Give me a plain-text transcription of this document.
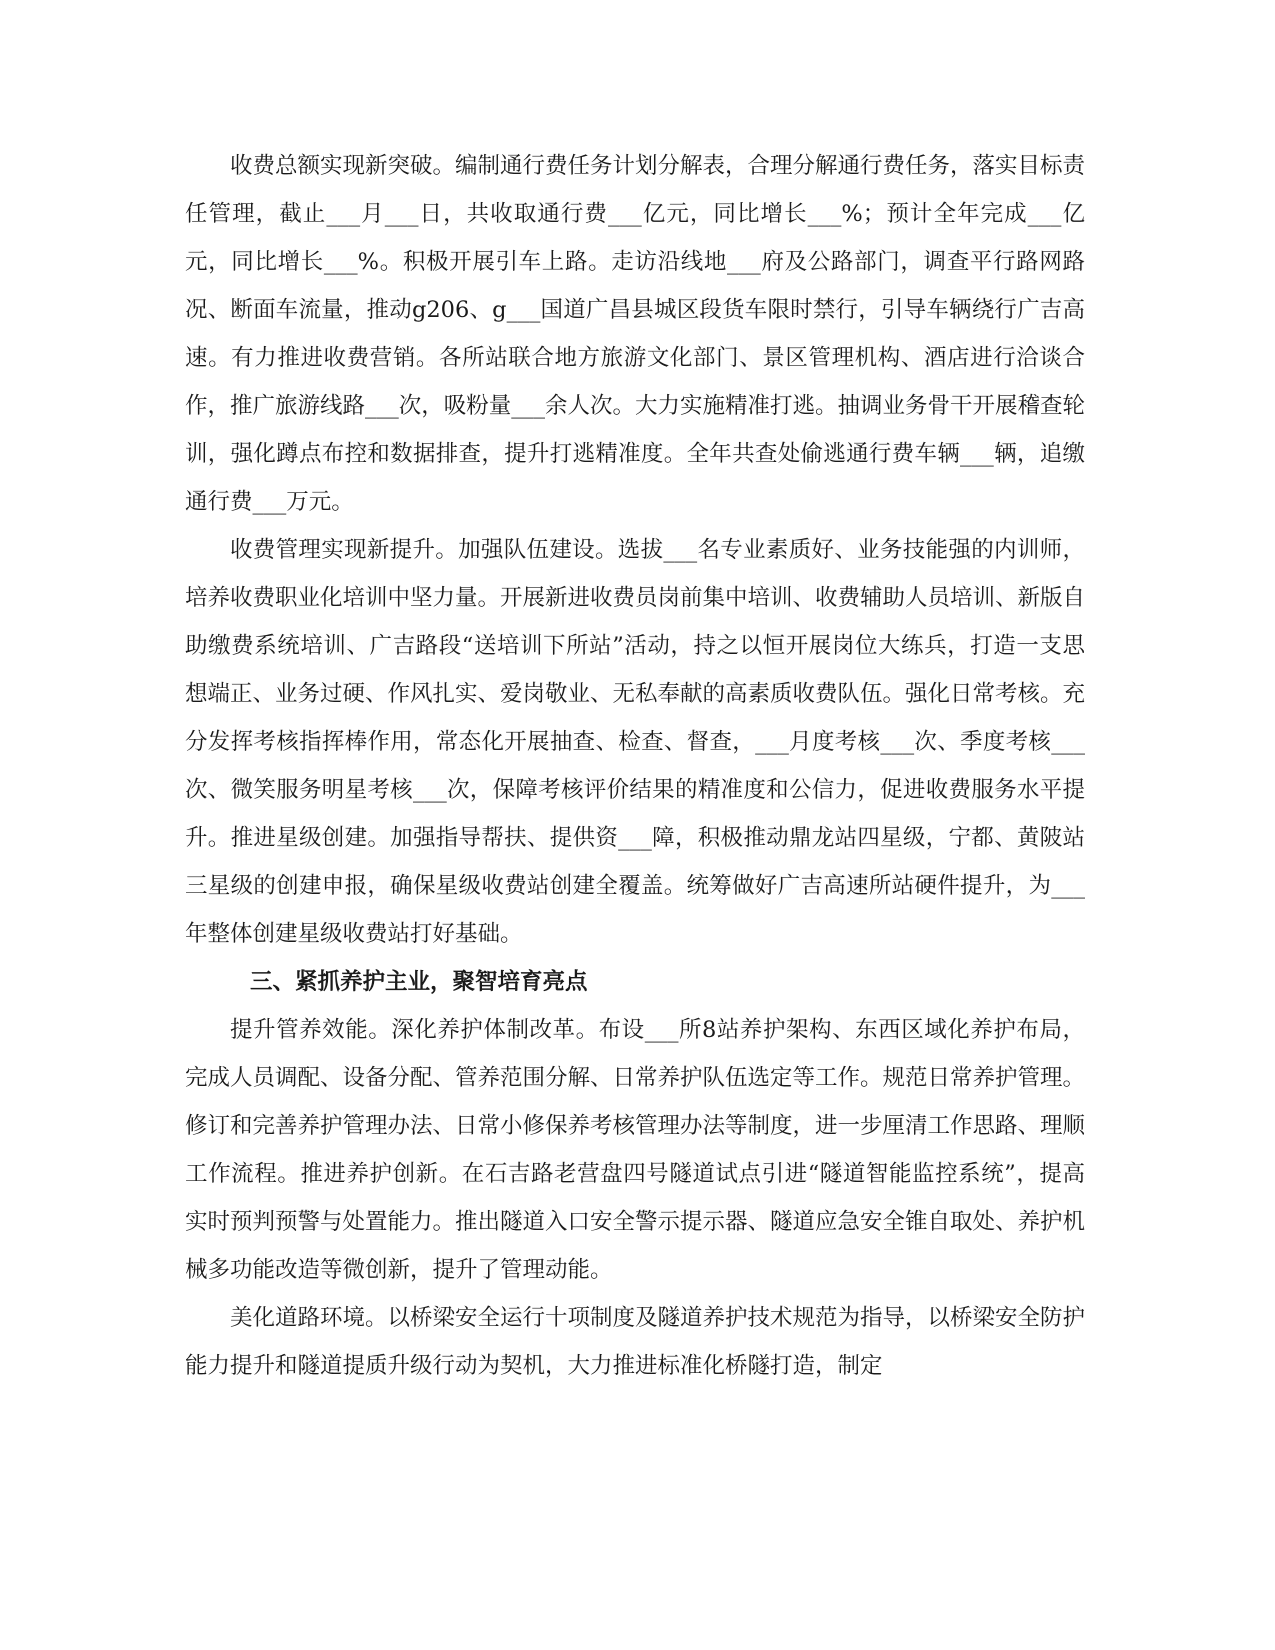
收费总额实现新突破。编制通行费任务计划分解表，合理分解通行费任务，落实目标责任管理，截止___月___日，共收取通行费___亿元，同比增长___%；预计全年完成___亿元，同比增长___%。积极开展引车上路。走访沿线地___府及公路部门，调查平行路网路况、断面车流量，推动g206、g___国道广昌县城区段货车限时禁行，引导车辆绕行广吉高速。有力推进收费营销。各所站联合地方旅游文化部门、景区管理机构、酒店进行洽谈合作，推广旅游线路___次，吸粉量___余人次。大力实施精准打逃。抽调业务骨干开展稽查轮训，强化蹲点布控和数据排查，提升打逃精准度。全年共查处偷逃通行费车辆___辆，追缴通行费___万元。

收费管理实现新提升。加强队伍建设。选拔___名专业素质好、业务技能强的内训师，培养收费职业化培训中坚力量。开展新进收费员岗前集中培训、收费辅助人员培训、新版自助缴费系统培训、广吉路段“送培训下所站”活动，持之以恒开展岗位大练兵，打造一支思想端正、业务过硬、作风扎实、爱岗敬业、无私奉献的高素质收费队伍。强化日常考核。充分发挥考核指挥棒作用，常态化开展抽查、检查、督查，___月度考核___次、季度考核___次、微笑服务明星考核___次，保障考核评价结果的精准度和公信力，促进收费服务水平提升。推进星级创建。加强指导帮扶、提供资___障，积极推动鼎龙站四星级，宁都、黄陂站三星级的创建申报，确保星级收费站创建全覆盖。统筹做好广吉高速所站硬件提升，为___年整体创建星级收费站打好基础。

三、紧抓养护主业，聚智培育亮点

提升管养效能。深化养护体制改革。布设___所8站养护架构、东西区域化养护布局，完成人员调配、设备分配、管养范围分解、日常养护队伍选定等工作。规范日常养护管理。修订和完善养护管理办法、日常小修保养考核管理办法等制度，进一步厘清工作思路、理顺工作流程。推进养护创新。在石吉路老营盘四号隧道试点引进“隧道智能监控系统”，提高实时预判预警与处置能力。推出隧道入口安全警示提示器、隧道应急安全锥自取处、养护机械多功能改造等微创新，提升了管理动能。

美化道路环境。以桥梁安全运行十项制度及隧道养护技术规范为指导，以桥梁安全防护能力提升和隧道提质升级行动为契机，大力推进标准化桥隧打造，制定
